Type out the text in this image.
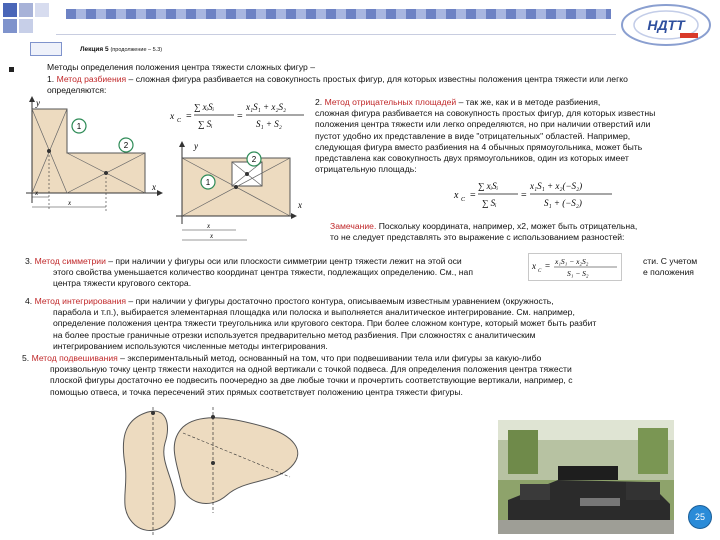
Лекция 5 (продолжение – 5.3)
НДТТ
Методы определения положения центра тяжести сложных фигур –
1. Метод разбиения – сложная фигура разбивается на совокупность простых фигур, для которых известны положения центра тяжести или легко
определяются:
1
2
y
x
x
x
x C =
∑ xᵢSᵢ
∑ Sᵢ
=
x₁S₁ + x₂S₂
S₁ + S₂
1
2
y
x
x
x
2. Метод отрицательных площадей – так же, как и в методе разбиения,
сложная фигура разбивается на совокупность простых фигур, для которых известны
положения центра тяжести или легко определяются, но при наличии отверстий или
пустот удобно их представление в виде "отрицательных" областей. Например,
следующая фигура вместо разбиения на 4 обычных прямоугольника, может быть
представлена как совокупность двух прямоугольников, один из которых имеет
отрицательную площадь:
x C =
∑ xᵢSᵢ
∑ Sᵢ
=
x₁S₁ + x₂(−S₂)
S₁ + (−S₂)
Замечание. Поскольку координата, например, x2, может быть отрицательна,
то не следует представлять это выражение с использованием разностей:
3. Метод симметрии – при наличии у фигуры оси или плоскости симметрии центр тяжести лежит на этой оси	сти. С учетом

этого свойства уменьшается количество координат центра тяжести, подлежащих определению. См., нап	е положения

центра тяжести кругового сектора.
x
C
= x₁S₁ − x₂S₂
S₁ − S₂
4. Метод интегрирования – при наличии у фигуры достаточно простого контура, описываемым известным уравнением (окружность,
парабола и т.п.), выбирается элементарная площадка или полоска и выполняется аналитическое интегрирование. См. например,
определение положения центра тяжести треугольника или кругового сектора. При более сложном контуре, который может быть разбит
на более простые граничные отрезки используется предварительно метод разбиения. При сложностях с аналитическим
интегрированием используются численные методы интегрирования.
5. Метод подвешивания – экспериментальный метод, основанный на том, что при подвешивании тела или фигуры за какую-либо
произвольную точку центр тяжести находится на одной вертикали с точкой подвеса. Для определения положения центра тяжести
плоской фигуры достаточно ее подвесить поочередно за две любые точки и прочертить соответствующие вертикали, например, с
помощью отвеса, и точка пересечений этих прямых соответствует положению центра тяжести фигуры.
25
